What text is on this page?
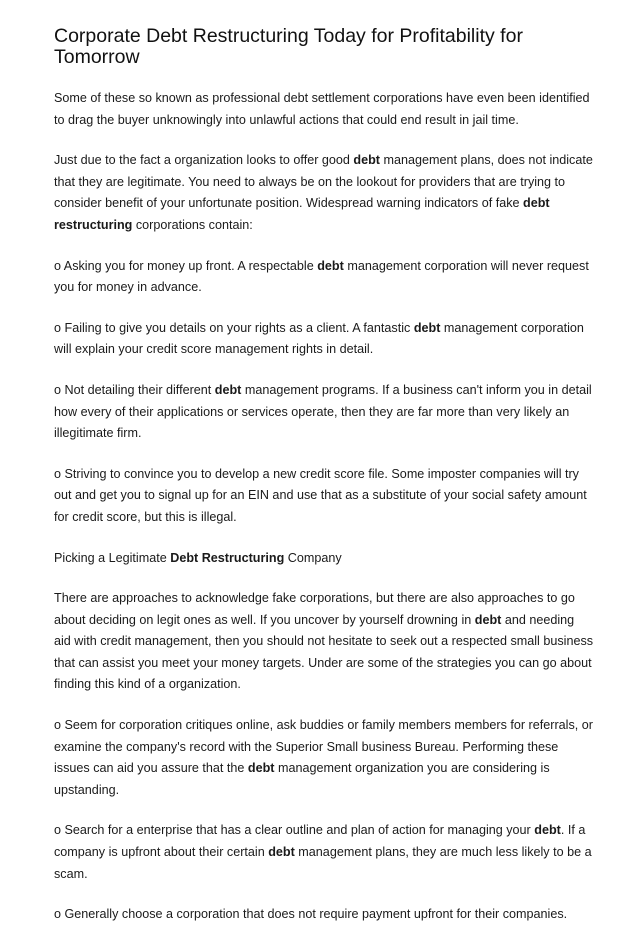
Corporate Debt Restructuring Today for Profitability for Tomorrow

Some of these so known as professional debt settlement corporations have even been identified to drag the buyer unknowingly into unlawful actions that could end result in jail time.

Just due to the fact a organization looks to offer good debt management plans, does not indicate that they are legitimate. You need to always be on the lookout for providers that are trying to consider benefit of your unfortunate position. Widespread warning indicators of fake debt restructuring corporations contain:

o Asking you for money up front. A respectable debt management corporation will never request you for money in advance.

o Failing to give you details on your rights as a client. A fantastic debt management corporation will explain your credit score management rights in detail.

o Not detailing their different debt management programs. If a business can't inform you in detail how every of their applications or services operate, then they are far more than very likely an illegitimate firm.

o Striving to convince you to develop a new credit score file. Some imposter companies will try out and get you to signal up for an EIN and use that as a substitute of your social safety amount for credit score, but this is illegal.

Picking a Legitimate Debt Restructuring Company

There are approaches to acknowledge fake corporations, but there are also approaches to go about deciding on legit ones as well. If you uncover by yourself drowning in debt and needing aid with credit management, then you should not hesitate to seek out a respected small business that can assist you meet your money targets. Under are some of the strategies you can go about finding this kind of a organization.

o Seem for corporation critiques online, ask buddies or family members members for referrals, or examine the company's record with the Superior Small business Bureau. Performing these issues can aid you assure that the debt management organization you are considering is upstanding.

o Search for a enterprise that has a clear outline and plan of action for managing your debt. If a company is upfront about their certain debt management plans, they are much less likely to be a scam.

o Generally choose a corporation that does not require payment upfront for their companies.
